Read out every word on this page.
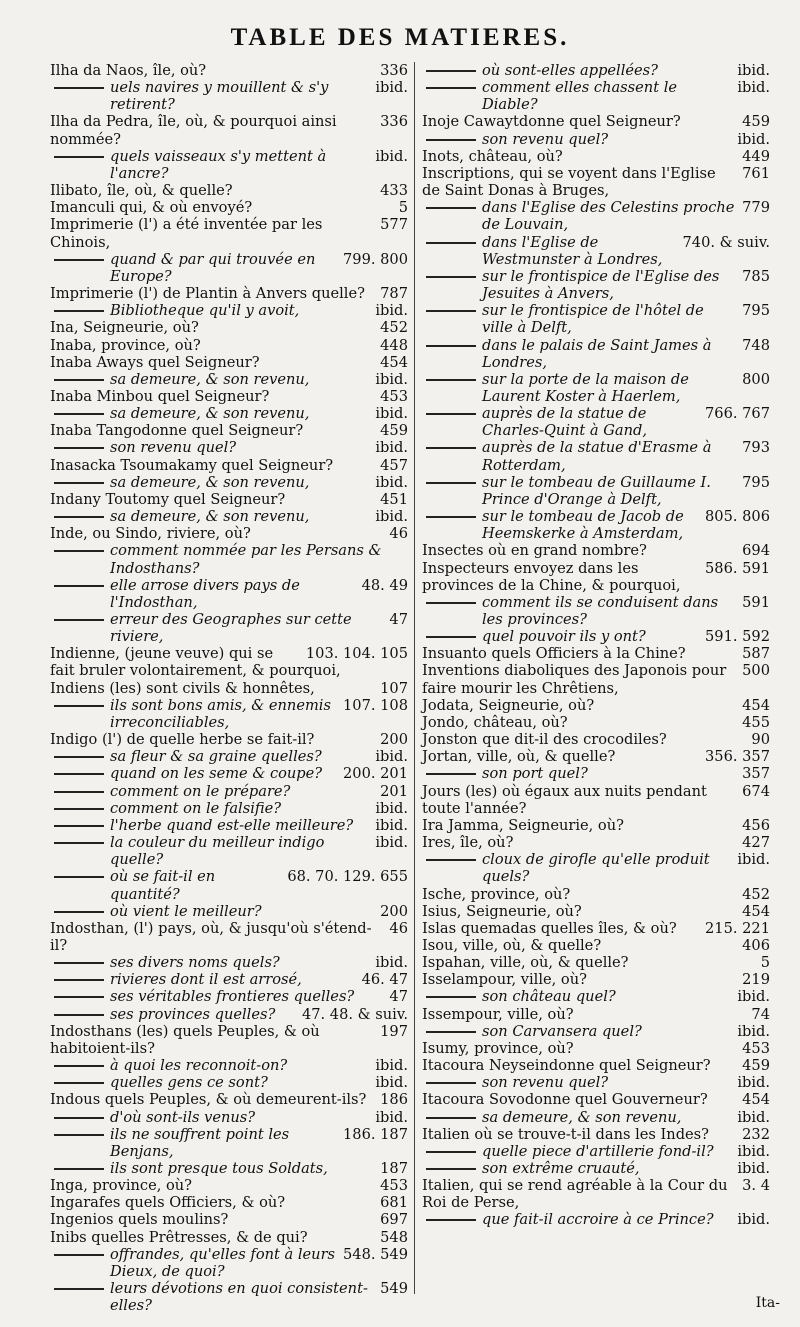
TABLE DES MATIERES.
336
Ilha da Naos, île, où?
ibid.
uels navires y mouillent & s'y retirent?
336
Ilha da Pedra, île, où, & pourquoi ainsi nommée?
ibid.
quels vaisseaux s'y mettent à l'ancre?
433
Ilibato, île, où, & quelle?
5
Imanculi qui, & où envoyé?
577
Imprimerie (l') a été inventée par les Chinois,
799. 800
quand & par qui trouvée en Europe?
787
Imprimerie (l') de Plantin à Anvers quelle?
ibid.
Bibliotheque qu'il y avoit,
452
Ina, Seigneurie, où?
448
Inaba, province, où?
454
Inaba Aways quel Seigneur?
ibid.
sa demeure, & son revenu,
453
Inaba Minbou quel Seigneur?
ibid.
sa demeure, & son revenu,
459
Inaba Tangodonne quel Seigneur?
ibid.
son revenu quel?
457
Inasacka Tsoumakamy quel Seigneur?
ibid.
sa demeure, & son revenu,
451
Indany Toutomy quel Seigneur?
ibid.
sa demeure, & son revenu,
46
Inde, ou Sindo, riviere, où?
comment nommée par les Persans & Indosthans?
48. 49
elle arrose divers pays de l'Indosthan,
47
erreur des Geographes sur cette riviere,
103. 104. 105
Indienne, (jeune veuve) qui se fait bruler volontairement, & pourquoi,
107
Indiens (les) sont civils & honnêtes,
107. 108
ils sont bons amis, & ennemis irreconciliables,
200
Indigo (l') de quelle herbe se fait-il?
ibid.
sa fleur & sa graine quelles?
200. 201
quand on les seme & coupe?
201
comment on le prépare?
ibid.
comment on le falsifie?
ibid.
l'herbe quand est-elle meilleure?
ibid.
la couleur du meilleur indigo quelle?
68. 70. 129. 655
où se fait-il en quantité?
200
où vient le meilleur?
46
Indosthan, (l') pays, où, & jusqu'où s'étend-il?
ibid.
ses divers noms quels?
46. 47
rivieres dont il est arrosé,
47
ses véritables frontieres quelles?
47. 48. & suiv.
ses provinces quelles?
197
Indosthans (les) quels Peuples, & où habitoient-ils?
ibid.
à quoi les reconnoit-on?
ibid.
quelles gens ce sont?
186
Indous quels Peuples, & où demeurent-ils?
ibid.
d'où sont-ils venus?
186. 187
ils ne souffrent point les Benjans,
187
ils sont presque tous Soldats,
453
Inga, province, où?
681
Ingarafes quels Officiers, & où?
697
Ingenios quels moulins?
548
Inibs quelles Prêtresses, & de qui?
548. 549
offrandes, qu'elles font à leurs Dieux, de quoi?
549
leurs dévotions en quoi consistent-elles?
ibid.
où sont-elles appellées?
ibid.
comment elles chassent le Diable?
459
Inoje Cawaytdonne quel Seigneur?
ibid.
son revenu quel?
449
Inots, château, où?
761
Inscriptions, qui se voyent dans l'Eglise de Saint Donas à Bruges,
779
dans l'Eglise des Celestins proche de Louvain,
740. & suiv.
dans l'Eglise de Westmunster à Londres,
785
sur le frontispice de l'Eglise des Jesuites à Anvers,
795
sur le frontispice de l'hôtel de ville à Delft,
748
dans le palais de Saint James à Londres,
800
sur la porte de la maison de Laurent Koster à Haerlem,
766. 767
auprès de la statue de Charles-Quint à Gand,
793
auprès de la statue d'Erasme à Rotterdam,
795
sur le tombeau de Guillaume I. Prince d'Orange à Delft,
805. 806
sur le tombeau de Jacob de Heemskerke à Amsterdam,
694
Insectes où en grand nombre?
586. 591
Inspecteurs envoyez dans les provinces de la Chine, & pourquoi,
591
comment ils se conduisent dans les provinces?
591. 592
quel pouvoir ils y ont?
587
Insuanto quels Officiers à la Chine?
500
Inventions diaboliques des Japonois pour faire mourir les Chrêtiens,
454
Jodata, Seigneurie, où?
455
Jondo, château, où?
90
Jonston que dit-il des crocodiles?
356. 357
Jortan, ville, où, & quelle?
357
son port quel?
674
Jours (les) où égaux aux nuits pendant toute l'année?
456
Ira Jamma, Seigneurie, où?
427
Ires, île, où?
ibid.
cloux de girofle qu'elle produit quels?
452
Ische, province, où?
454
Isius, Seigneurie, où?
215. 221
Islas quemadas quelles îles, & où?
406
Isou, ville, où, & quelle?
5
Ispahan, ville, où, & quelle?
219
Isselampour, ville, où?
ibid.
son château quel?
74
Issempour, ville, où?
ibid.
son Carvansera quel?
453
Isumy, province, où?
459
Itacoura Neyseindonne quel Seigneur?
ibid.
son revenu quel?
454
Itacoura Sovodonne quel Gouverneur?
ibid.
sa demeure, & son revenu,
232
Italien où se trouve-t-il dans les Indes?
ibid.
quelle piece d'artillerie fond-il?
ibid.
son extrême cruauté,
3. 4
Italien, qui se rend agréable à la Cour du Roi de Perse,
ibid.
que fait-il accroire à ce Prince?
Ita-
